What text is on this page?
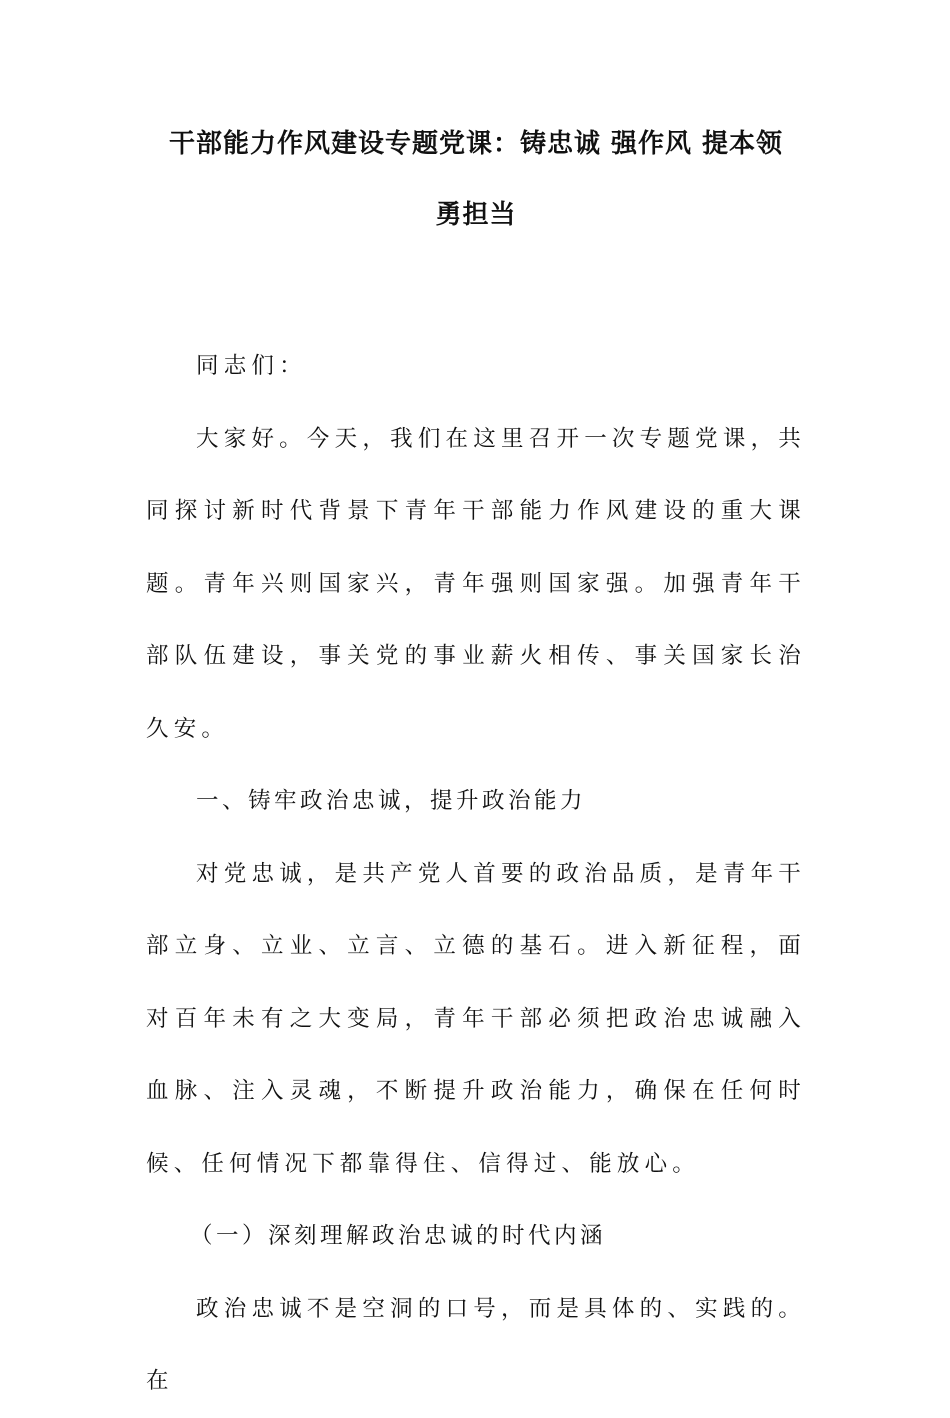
干部能力作风建设专题党课：铸忠诚 强作风 提本领
勇担当

同志们：

大家好。今天，我们在这里召开一次专题党课，共同探讨新时代背景下青年干部能力作风建设的重大课题。青年兴则国家兴，青年强则国家强。加强青年干部队伍建设，事关党的事业薪火相传、事关国家长治久安。

一、铸牢政治忠诚，提升政治能力

对党忠诚，是共产党人首要的政治品质，是青年干部立身、立业、立言、立德的基石。进入新征程，面对百年未有之大变局，青年干部必须把政治忠诚融入血脉、注入灵魂，不断提升政治能力，确保在任何时候、任何情况下都靠得住、信得过、能放心。

（一）深刻理解政治忠诚的时代内涵

政治忠诚不是空洞的口号，而是具体的、实践的。在
